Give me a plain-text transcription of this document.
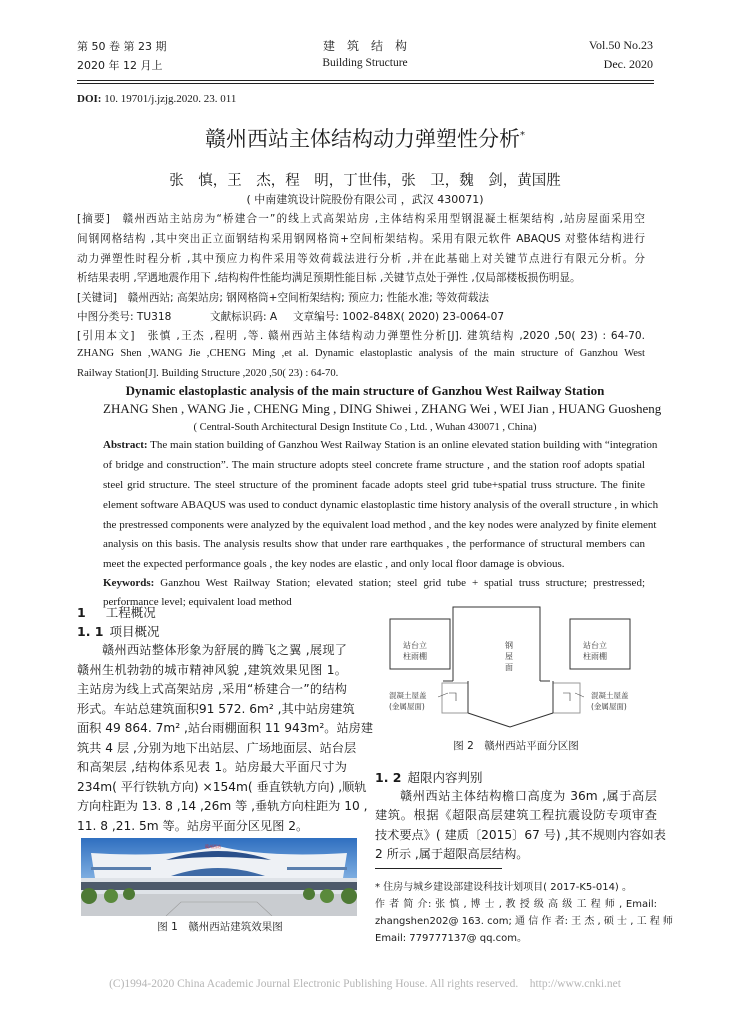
第 50 卷 第 23 期
2020 年 12 月上
建　筑　结　构
Building Structure
Vol.50 No.23
Dec. 2020
DOI: 10. 19701/j.jzjg.2020. 23. 011
赣州西站主体结构动力弹塑性分析*
张　慎，王　杰，程　明，丁世伟，张　卫，魏　剑，黄国胜
( 中南建筑设计院股份有限公司 ，武汉 430071)
[摘要]　赣州西站主站房为“桥建合一”的线上式高架站房 ,主体结构采用型钢混凝土框架结构 ,站房屋面采用空
间钢网格结构 ,其中突出正立面钢结构采用钢网格筒+空间桁架结构。采用有限元软件 ABAQUS 对整体结构进行
动力弹塑性时程分析 ,其中预应力构件采用等效荷载法进行分析 ,并在此基础上对关键节点进行有限元分析。分
析结果表明 ,罕遇地震作用下 ,结构构件性能均满足预期性能目标 ,关键节点处于弹性 ,仅局部楼板损伤明显。
[关键词]　赣州西站; 高架站房; 钢网格筒+空间桁架结构; 预应力; 性能水准; 等效荷载法
中图分类号: TU318	文献标识码: A 文章编号: 1002-848X( 2020) 23-0064-07
[引用本文]　张慎 ,王杰 ,程明 ,等. 赣州西站主体结构动力弹塑性分析[J]. 建筑结构 ,2020 ,50( 23) : 64-70.
ZHANG Shen ,WANG Jie ,CHENG Ming ,et al. Dynamic elastoplastic analysis of the main structure of Ganzhou West
Railway Station[J]. Building Structure ,2020 ,50( 23) : 64-70.
Dynamic elastoplastic analysis of the main structure of Ganzhou West Railway Station
ZHANG Shen , WANG Jie , CHENG Ming , DING Shiwei , ZHANG Wei , WEI Jian , HUANG Guosheng
( Central-South Architectural Design Institute Co , Ltd. , Wuhan 430071 , China)
Abstract: The main station building of Ganzhou West Railway Station is an online elevated station building with “integration
of bridge and construction”. The main structure adopts steel concrete frame structure , and the station roof adopts spatial
steel grid structure. The steel structure of the prominent facade adopts steel grid tube+spatial truss structure. The finite
element software ABAQUS was used to conduct dynamic elastoplastic time history analysis of the overall structure , in which
the prestressed components were analyzed by the equivalent load method , and the key nodes were analyzed by finite element
analysis on this basis. The analysis results show that under rare earthquakes , the performance of structural members can
meet the expected performance goals , the key nodes are elastic , and only local floor damage is obvious.
Keywords: Ganzhou West Railway Station; elevated station; steel grid tube + spatial truss structure; prestressed;
performance level; equivalent load method
1 工程概况
1. 1 项目概况
赣州西站整体形象为舒展的腾飞之翼 ,展现了
赣州生机勃勃的城市精神风貌 ,建筑效果见图 1。
主站房为线上式高架站房 ,采用“桥建合一”的结构
形式。车站总建筑面积91 572. 6m² ,其中站房建筑
面积 49 864. 7m² ,站台雨棚面积 11 943m²。站房建
筑共 4 层 ,分别为地下出站层、广场地面层、站台层
和高架层 ,结构体系见表 1。站房最大平面尺寸为
234m( 平行铁轨方向) ×154m( 垂直铁轨方向) ,顺轨
方向柱距为 13. 8 ,14 ,26m 等 ,垂轨方向柱距为 10 ,
11. 8 ,21. 5m 等。站房平面分区见图 2。
赣州西站
图 1　赣州西站建筑效果图
站台立
柱雨棚
钢
屋
面
站台立
柱雨棚
混凝土屋盖
(金属屋面)
混凝土屋盖
(金属屋面)
图 2　赣州西站平面分区图
1. 2 超限内容判别
赣州西站主体结构檐口高度为 36m ,属于高层
建筑。根据《超限高层建筑工程抗震设防专项审查
技术要点》( 建质〔2015〕67 号) ,其不规则内容如表
2 所示 ,属于超限高层结构。
* 住房与城乡建设部建设科技计划项目( 2017-K5-014) 。
作 者 简 介: 张 慎 , 博 士 , 教 授 级 高 级 工 程 师 , Email:
zhangshen202@ 163. com; 通 信 作 者: 王 杰 , 硕 士 , 工 程 师
Email: 779777137@ qq.com。
(C)1994-2020 China Academic Journal Electronic Publishing House. All rights reserved.    http://www.cnki.net
